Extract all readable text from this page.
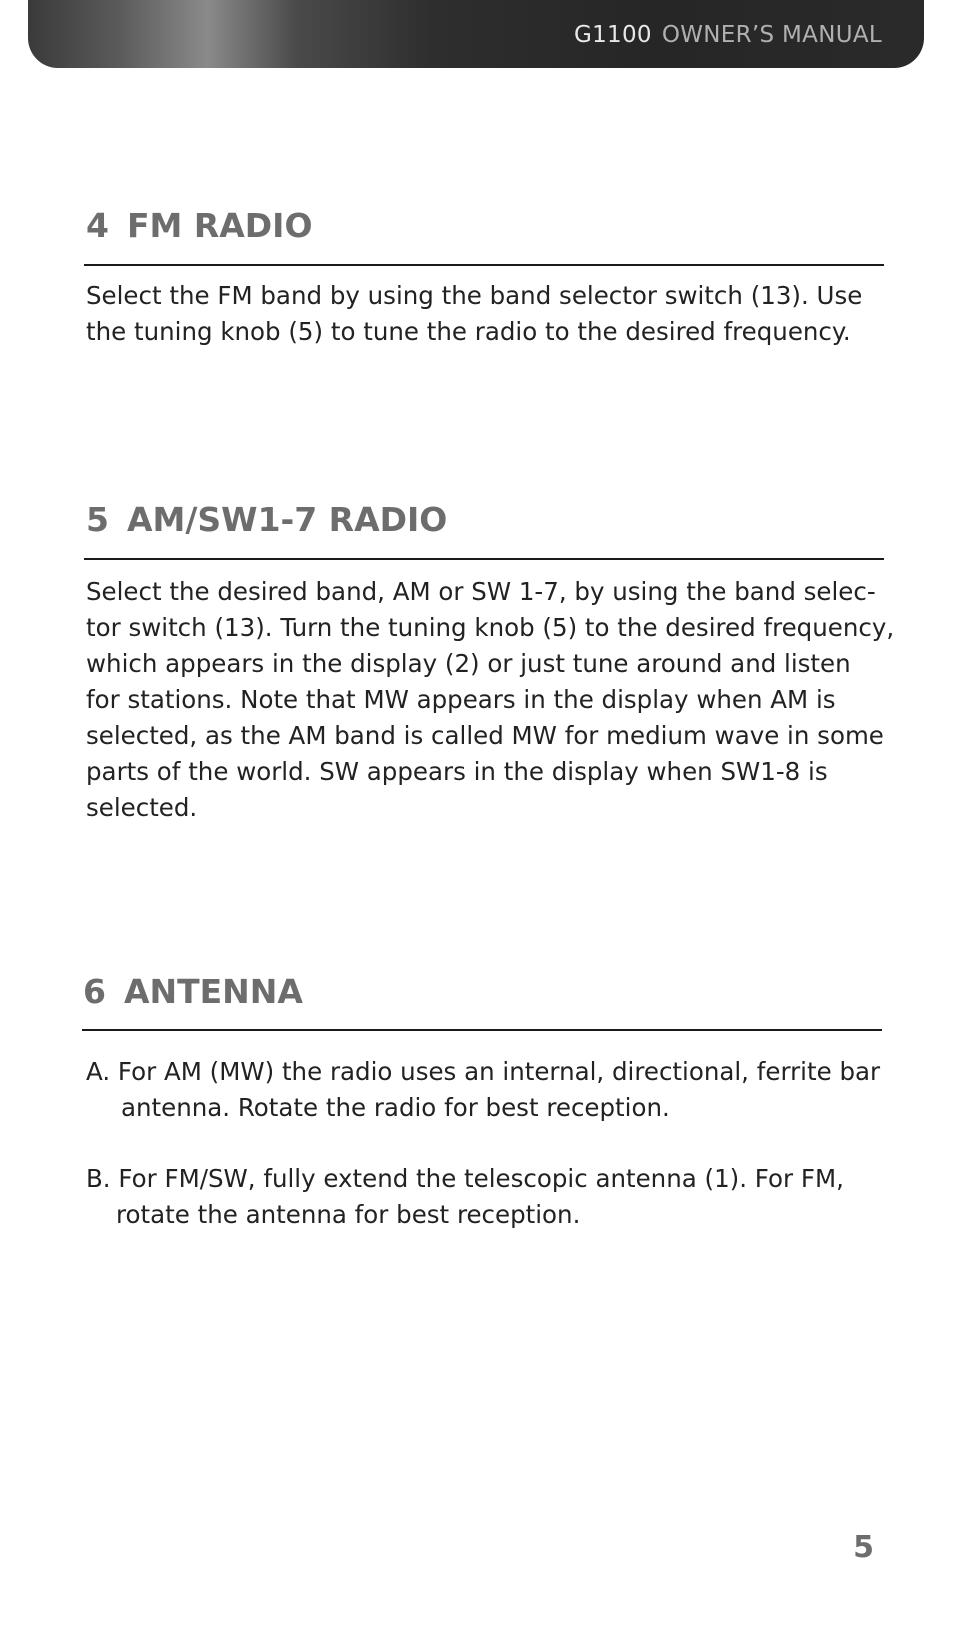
G1100 OWNER’S MANUAL
4 FM RADIO
Select the FM band by using the band selector switch (13). Use
the tuning knob (5) to tune the radio to the desired frequency.
5 AM/SW1-7 RADIO
Select the desired band, AM or SW 1-7, by using the band selec-
tor switch (13). Turn the tuning knob (5) to the desired frequency,
which appears in the display (2) or just tune around and listen
for stations. Note that MW appears in the display when AM is
selected, as the AM band is called MW for medium wave in some
parts of the world. SW appears in the display when SW1-8 is
selected.
6 ANTENNA
A. For AM (MW) the radio uses an internal, directional, ferrite bar
antenna. Rotate the radio for best reception.
B. For FM/SW, fully extend the telescopic antenna (1). For FM,
rotate the antenna for best reception.
5
